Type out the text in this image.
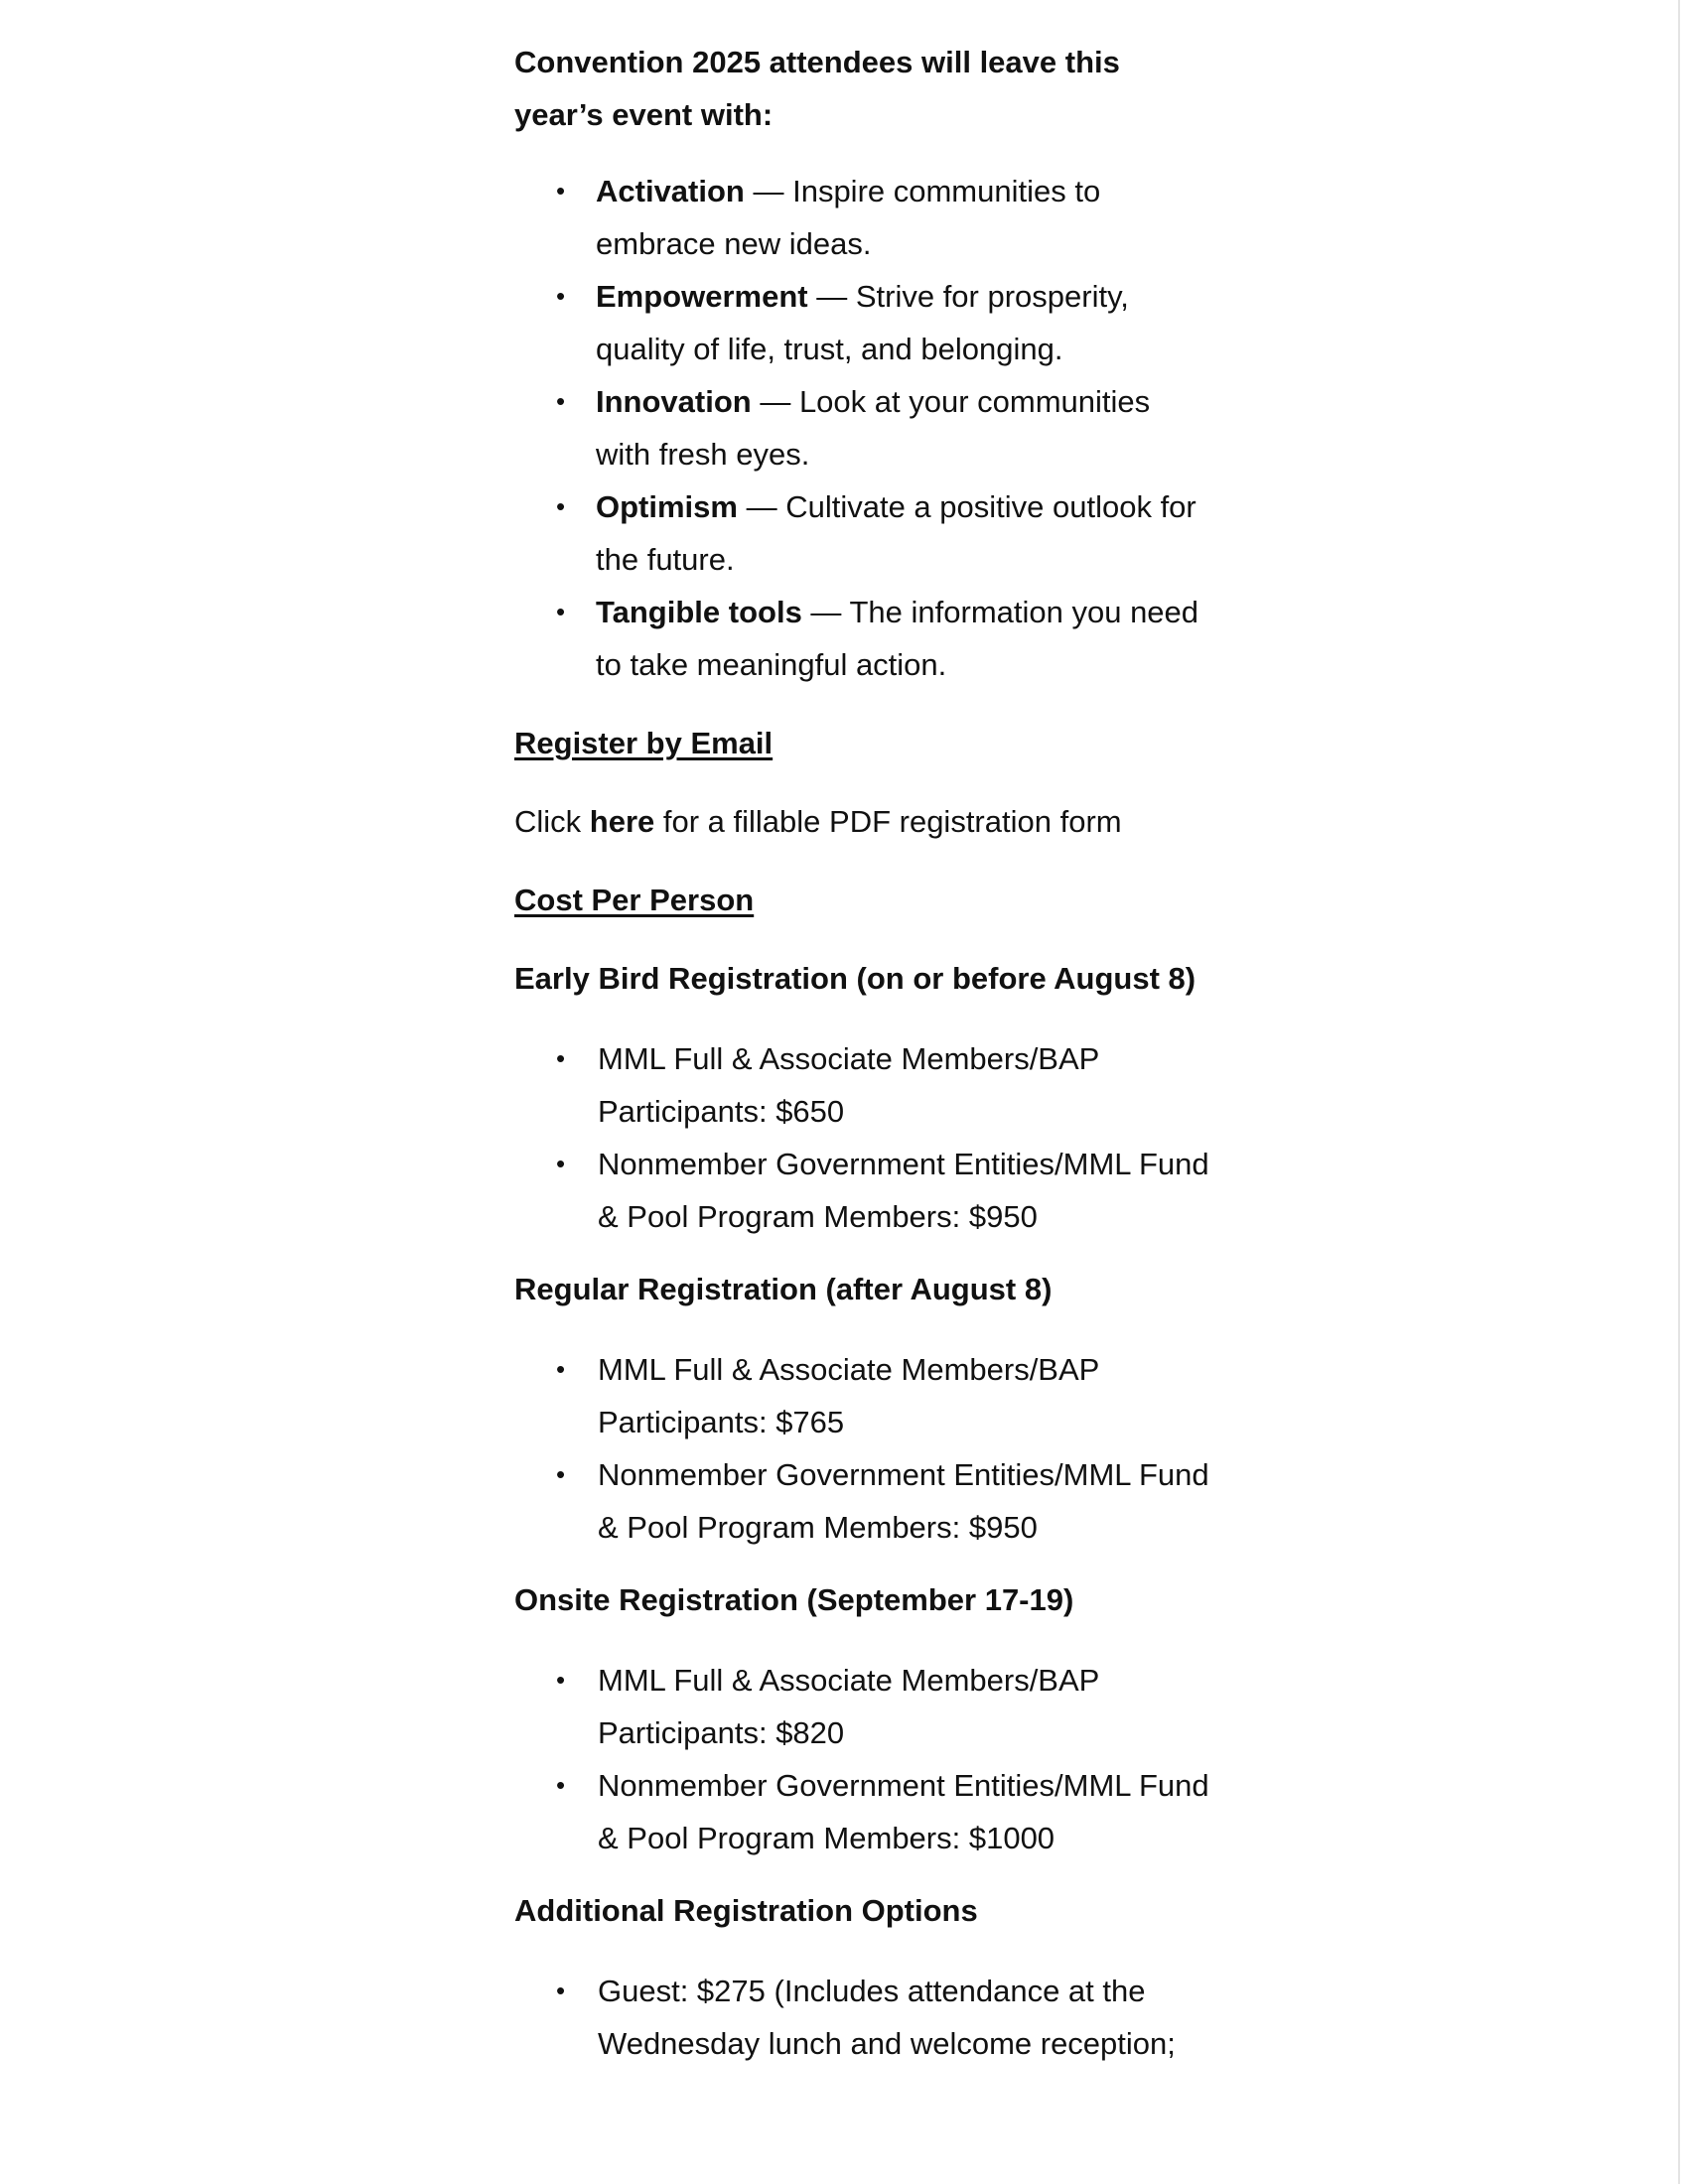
Convention 2025 attendees will leave this year’s event with:

• Activation — Inspire communities to embrace new ideas.
• Empowerment — Strive for prosperity, quality of life, trust, and belonging.
• Innovation — Look at your communities with fresh eyes.
• Optimism — Cultivate a positive outlook for the future.
• Tangible tools — The information you need to take meaningful action.

Register by Email

Click here for a fillable PDF registration form

Cost Per Person

Early Bird Registration (on or before August 8)

• MML Full & Associate Members/BAP Participants: $650
• Nonmember Government Entities/MML Fund & Pool Program Members: $950

Regular Registration (after August 8)

• MML Full & Associate Members/BAP Participants: $765
• Nonmember Government Entities/MML Fund & Pool Program Members: $950

Onsite Registration (September 17-19)

• MML Full & Associate Members/BAP Participants: $820
• Nonmember Government Entities/MML Fund & Pool Program Members: $1000

Additional Registration Options

• Guest: $275 (Includes attendance at the Wednesday lunch and welcome reception;
